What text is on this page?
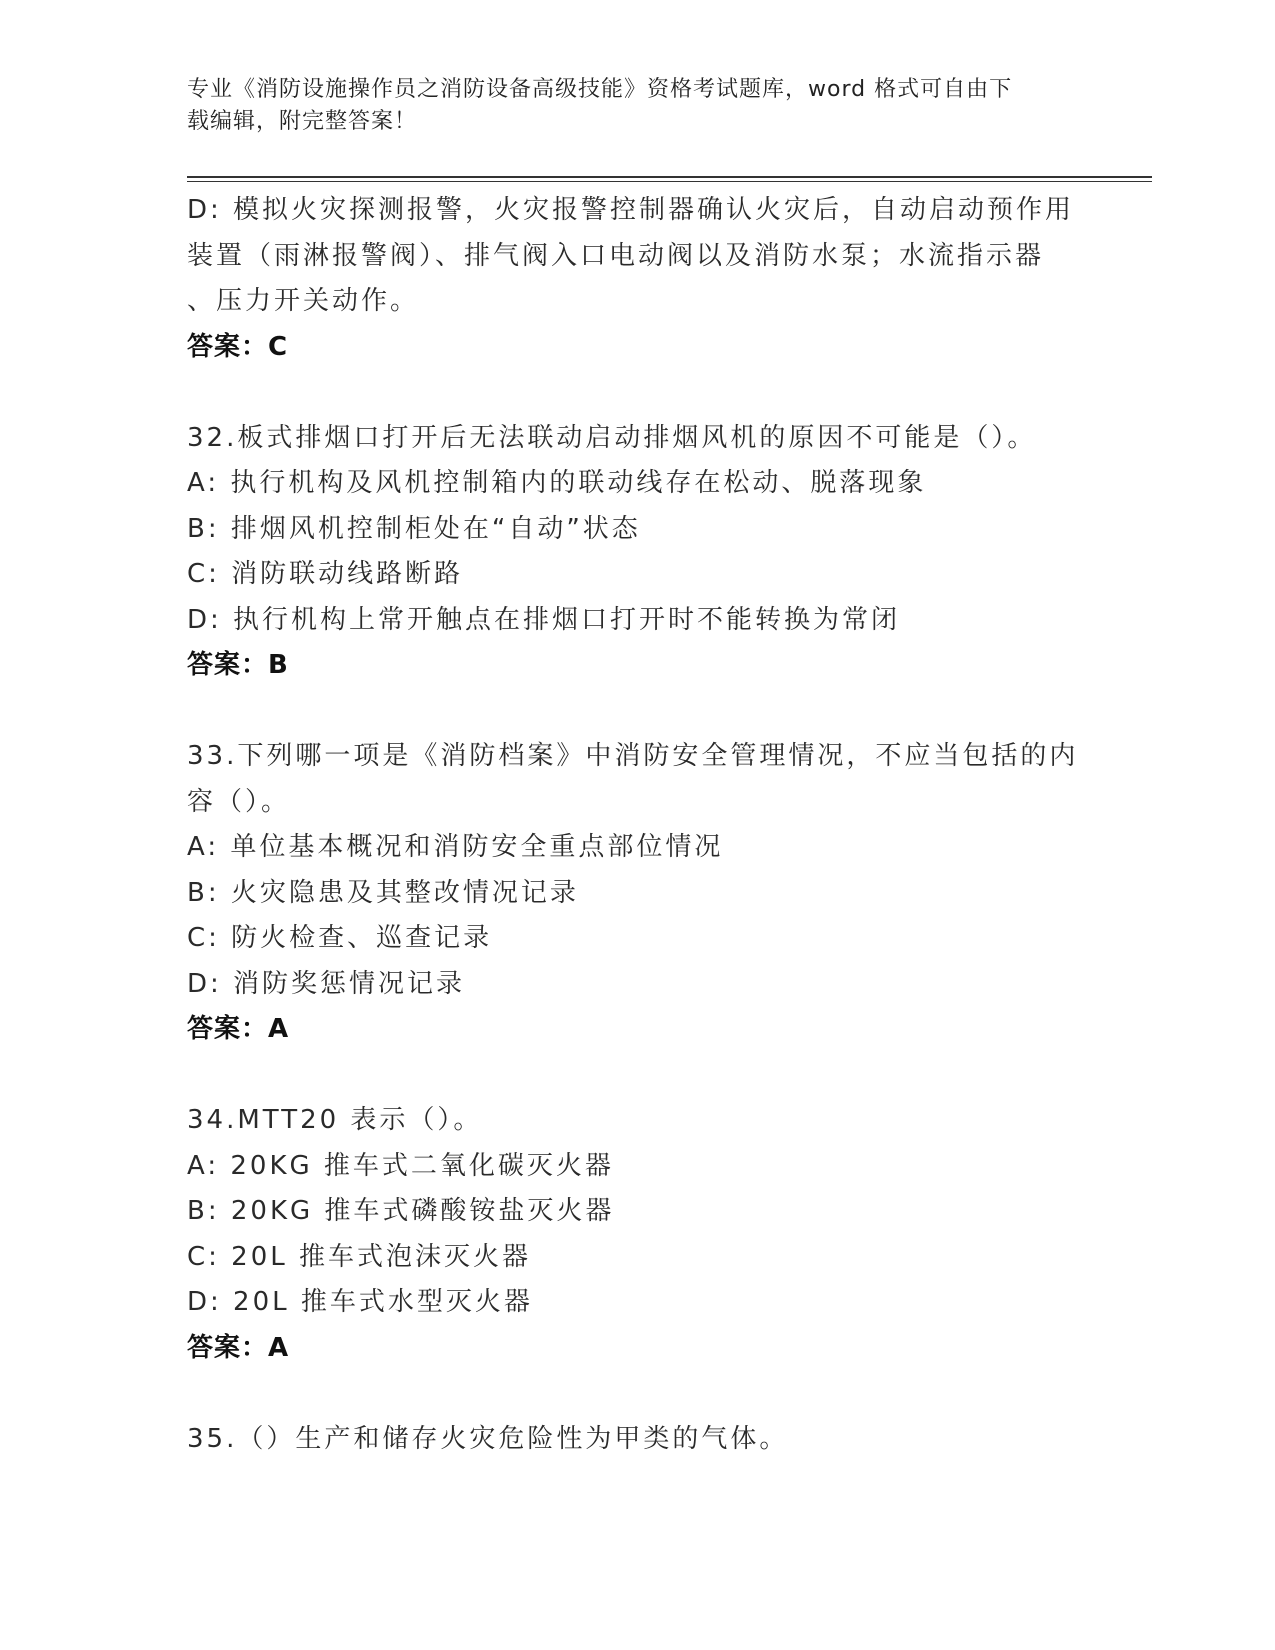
专业《消防设施操作员之消防设备高级技能》资格考试题库，word 格式可自由下
载编辑，附完整答案！
D: 模拟火灾探测报警，火灾报警控制器确认火灾后，自动启动预作用
装置（雨淋报警阀）、排气阀入口电动阀以及消防水泵；水流指示器
、压力开关动作。
答案：C
32.板式排烟口打开后无法联动启动排烟风机的原因不可能是（）。
A: 执行机构及风机控制箱内的联动线存在松动、脱落现象
B: 排烟风机控制柜处在“自动”状态
C: 消防联动线路断路
D: 执行机构上常开触点在排烟口打开时不能转换为常闭
答案：B
33.下列哪一项是《消防档案》中消防安全管理情况，不应当包括的内
容（）。
A: 单位基本概况和消防安全重点部位情况
B: 火灾隐患及其整改情况记录
C: 防火检查、巡查记录
D: 消防奖惩情况记录
答案：A
34.MTT20 表示（）。
A: 20KG 推车式二氧化碳灭火器
B: 20KG 推车式磷酸铵盐灭火器
C: 20L 推车式泡沫灭火器
D: 20L 推车式水型灭火器
答案：A
35.（）生产和储存火灾危险性为甲类的气体。
